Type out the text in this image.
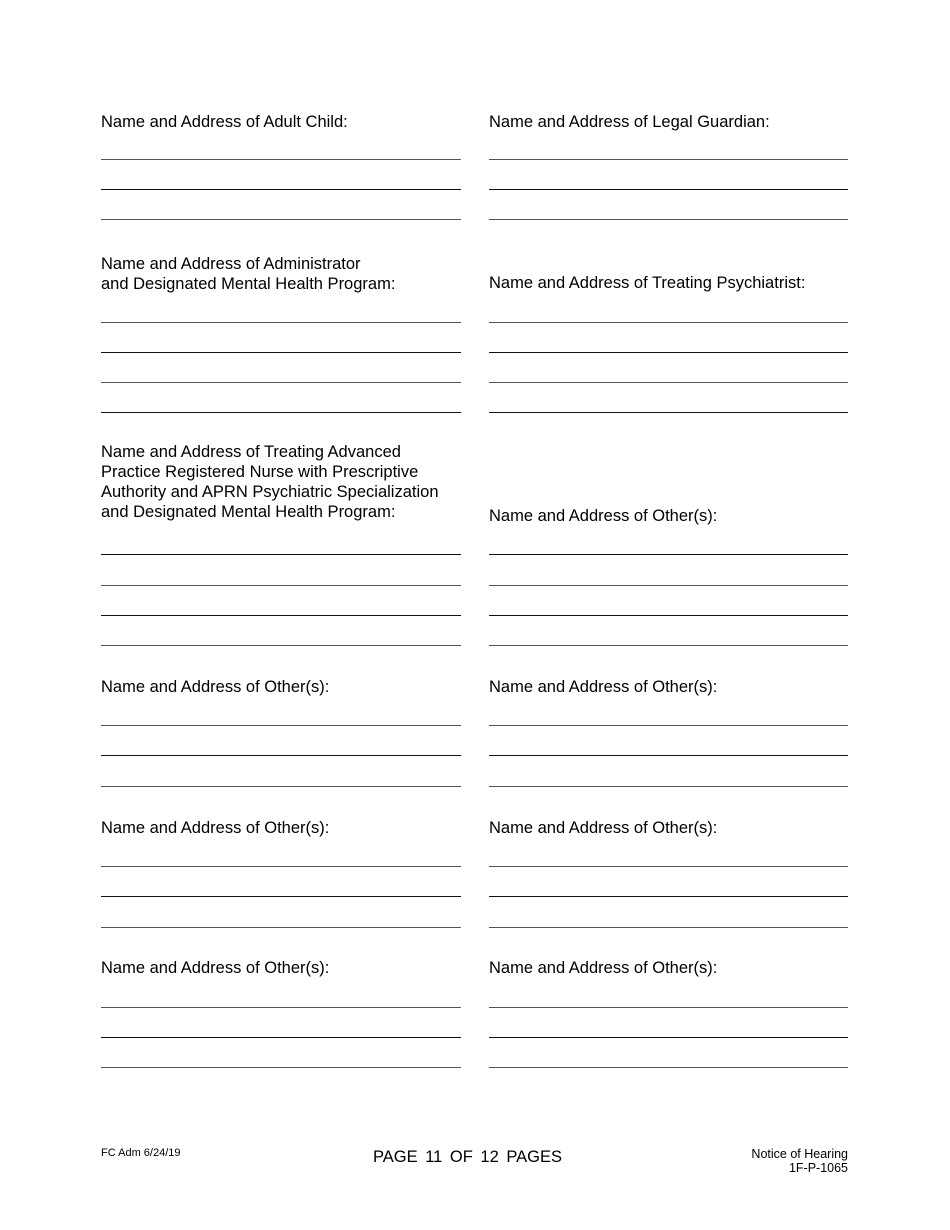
Name and Address of Adult Child:	Name and Address of Legal Guardian:
Name and Address of Administrator
and Designated Mental Health Program:	Name and Address of Treating Psychiatrist:
Name and Address of Treating Advanced
Practice Registered Nurse with Prescriptive
Authority and APRN Psychiatric Specialization
and Designated Mental Health Program:	Name and Address of Other(s):
Name and Address of Other(s):	Name and Address of Other(s):
Name and Address of Other(s):	Name and Address of Other(s):
Name and Address of Other(s):	Name and Address of Other(s):
FC Adm 6/24/19	PAGE 11 OF 12 PAGES	Notice of Hearing
1F-P-1065
